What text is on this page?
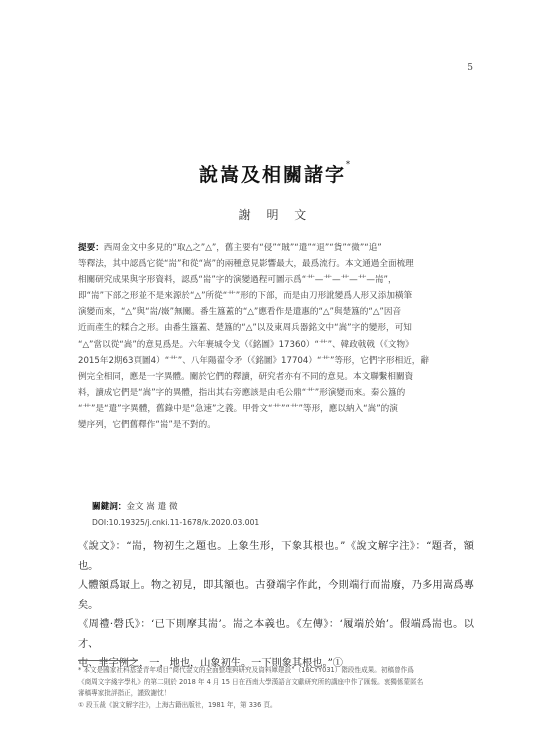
5
說嵩及相關諸字*
謝 明 文

提要：西周金文中多見的“取△之”△”，舊主要有“侵”“賊”“遣”“退”“貨”“微”“追”

等釋法，其中認爲它從“耑”和從“嵩”的兩種意見影響最大，最爲流行。本文通過全面梳理

相關研究成果與字形資料，認爲“耑”字的演變過程可圖示爲“⺾—⺾—⺾—⺾—耑”，

即“耑”下部之形並不是來源於“△”所從“⺾”形的下部，而是由刀形訛變爲人形又添加橫筆

演變而來，“△”與“耑/嶶”無關。番生簋蓋的“△”應看作是遣惠的“△”與楚簋的“△”因音

近而產生的糅合之形。由番生簋蓋、楚簋的“△”以及東周兵器銘文中“嵩”字的變形，可知

“△”當以從“嵩”的意見爲是。六年裹城令戈（《銘圖》17360）“⺾”、韓政戟戟（《文物》

2015年2期63頁圖4）“⺾”、八年陽翟令矛（《銘圖》17704）“⺾”等形，它們字形相近，辭

例完全相同，應是一字異體。關於它們的釋讀，研究者亦有不同的意見。本文聯繫相關資

料，讀成它們是“嵩”字的異體，指出其右旁應該是由毛公鼎“⺾”形演變而來。秦公簋的

“⺾”是“遣”字異體，舊錄中是“急速”之義。甲骨文“⺾”“⺾”等形，應以納入“嵩”的演

變序列，它們舊釋作“耑”是不對的。

關鍵詞：金文 嵩 遣 微
DOI:10.19325/j.cnki.11-1678/k.2020.03.001

《說文》：“耑，物初生之題也。上象生形，下象其根也。”《說文解字注》：“題者，額也。

人體額爲冣上。物之初見，即其額也。古發端字作此，今則端行而耑廢，乃多用嵩爲專矣。

《周禮·磬氏》：‘已下則摩其耑’。耑之本義也。《左傳》：‘履端於始’。假端爲耑也。以才、

屯、韭字例之，一，地也，山象初生。一下則象其根也。”①

* 本文是國家社科基金青年項目“商代金文的全面整理與研究及資料庫建設”（16CYY031）階段性成果。初稿曾作爲

《商周文字綫字學札》的第二則於 2018 年 4 月 15 日在西南大學漢語言文獻研究所的講座中作了匯報。衷獨係蒙匿名

審稿專家批評指正，謹致謝忱！

① 段玉裁《說文解字注》，上海古籍出版社，1981 年，第 336 頁。
